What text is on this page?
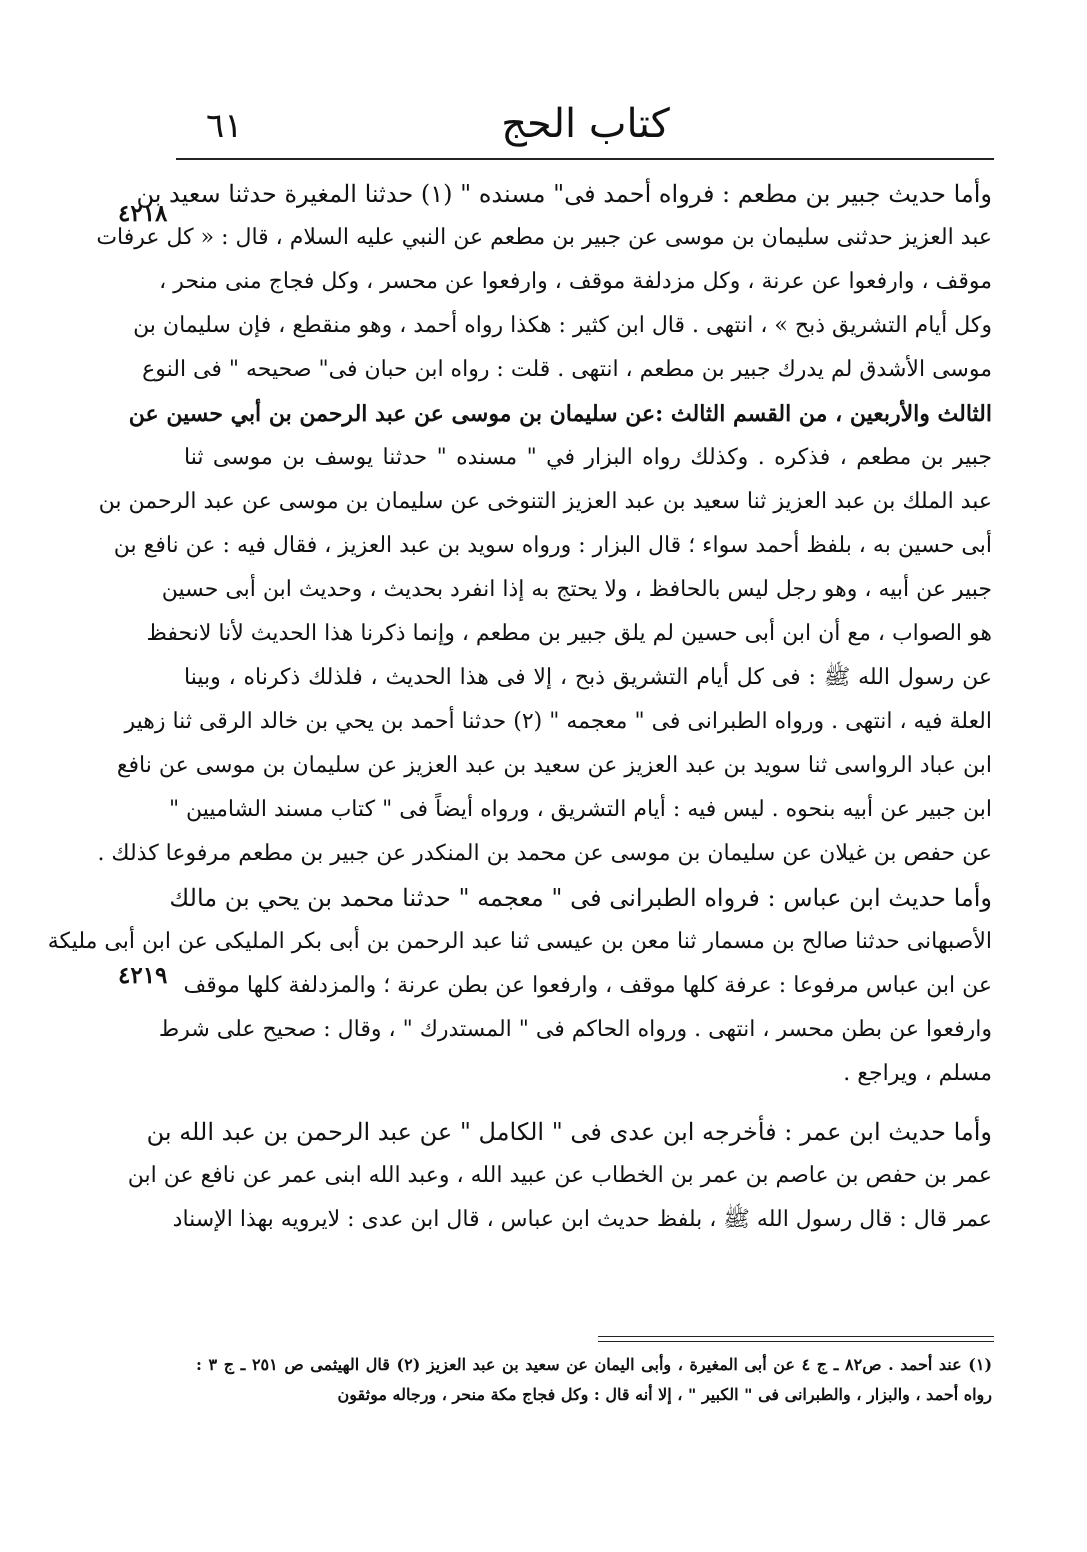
كتاب الحج
٦١
٤٢١٨
٤٢١٩
وأما حديث جبير بن مطعم : فرواه أحمد فى" مسنده " (١) حدثنا المغيرة حدثنا سعيد بن
عبد العزيز حدثنى سليمان بن موسى عن جبير بن مطعم عن النبي عليه السلام ، قال : « كل عرفات
موقف ، وارفعوا عن عرنة ، وكل مزدلفة موقف ، وارفعوا عن محسر ، وكل فجاج منى منحر ،
وكل أيام التشريق ذبح » ، انتهى . قال ابن كثير : هكذا رواه أحمد ، وهو منقطع ، فإن سليمان بن
موسى الأشدق لم يدرك جبير بن مطعم ، انتهى . قلت : رواه ابن حبان فى" صحيحه " فى النوع
الثالث والأربعين ، من القسم الثالث :عن سليمان بن موسى عن عبد الرحمن بن أبي حسين عن
جبير بن مطعم ، فذكره . وكذلك رواه البزار في " مسنده " حدثنا يوسف بن موسى ثنا
عبد الملك بن عبد العزيز ثنا سعيد بن عبد العزيز التنوخى عن سليمان بن موسى عن عبد الرحمن بن
أبى حسين به ، بلفظ أحمد سواء ؛ قال البزار : ورواه سويد بن عبد العزيز ، فقال فيه : عن نافع بن
جبير عن أبيه ، وهو رجل ليس بالحافظ ، ولا يحتج به إذا انفرد بحديث ، وحديث ابن أبى حسين
هو الصواب ، مع أن ابن أبى حسين لم يلق جبير بن مطعم ، وإنما ذكرنا هذا الحديث لأنا لانحفظ
عن رسول الله ﷺ : فى كل أيام التشريق ذبح ، إلا فى هذا الحديث ، فلذلك ذكرناه ، وبينا
العلة فيه ، انتهى . ورواه الطبرانى فى " معجمه " (٢) حدثنا أحمد بن يحي بن خالد الرقى ثنا زهير
ابن عباد الرواسى ثنا سويد بن عبد العزيز عن سعيد بن عبد العزيز عن سليمان بن موسى عن نافع
ابن جبير عن أبيه بنحوه . ليس فيه : أيام التشريق ، ورواه أيضاً فى " كتاب مسند الشاميين "
عن حفص بن غيلان عن سليمان بن موسى عن محمد بن المنكدر عن جبير بن مطعم مرفوعا كذلك .
وأما حديث ابن عباس : فرواه الطبرانى فى " معجمه " حدثنا محمد بن يحي بن مالك
الأصبهانى حدثنا صالح بن مسمار ثنا معن بن عيسى ثنا عبد الرحمن بن أبى بكر المليكى عن ابن أبى مليكة
عن ابن عباس مرفوعا : عرفة كلها موقف ، وارفعوا عن بطن عرنة ؛ والمزدلفة كلها موقف
وارفعوا عن بطن محسر ، انتهى . ورواه الحاكم فى " المستدرك " ، وقال : صحيح على شرط
مسلم ، ويراجع .
وأما حديث ابن عمر : فأخرجه ابن عدى فى " الكامل " عن عبد الرحمن بن عبد الله بن
عمر بن حفص بن عاصم بن عمر بن الخطاب عن عبيد الله ، وعبد الله ابنى عمر عن نافع عن ابن
عمر قال : قال رسول الله ﷺ ، بلفظ حديث ابن عباس ، قال ابن عدى : لايرويه بهذا الإسناد
(١) عند أحمد . ص٨٢ ـ ج ٤ عن أبى المغيرة ، وأبى اليمان عن سعيد بن عبد العزيز (٢) قال الهيثمى ص ٢٥١ ـ ج ٣ :
رواه أحمد ، والبزار ، والطبرانى فى " الكبير " ، إلا أنه قال : وكل فجاج مكة منحر ، ورجاله موثقون
